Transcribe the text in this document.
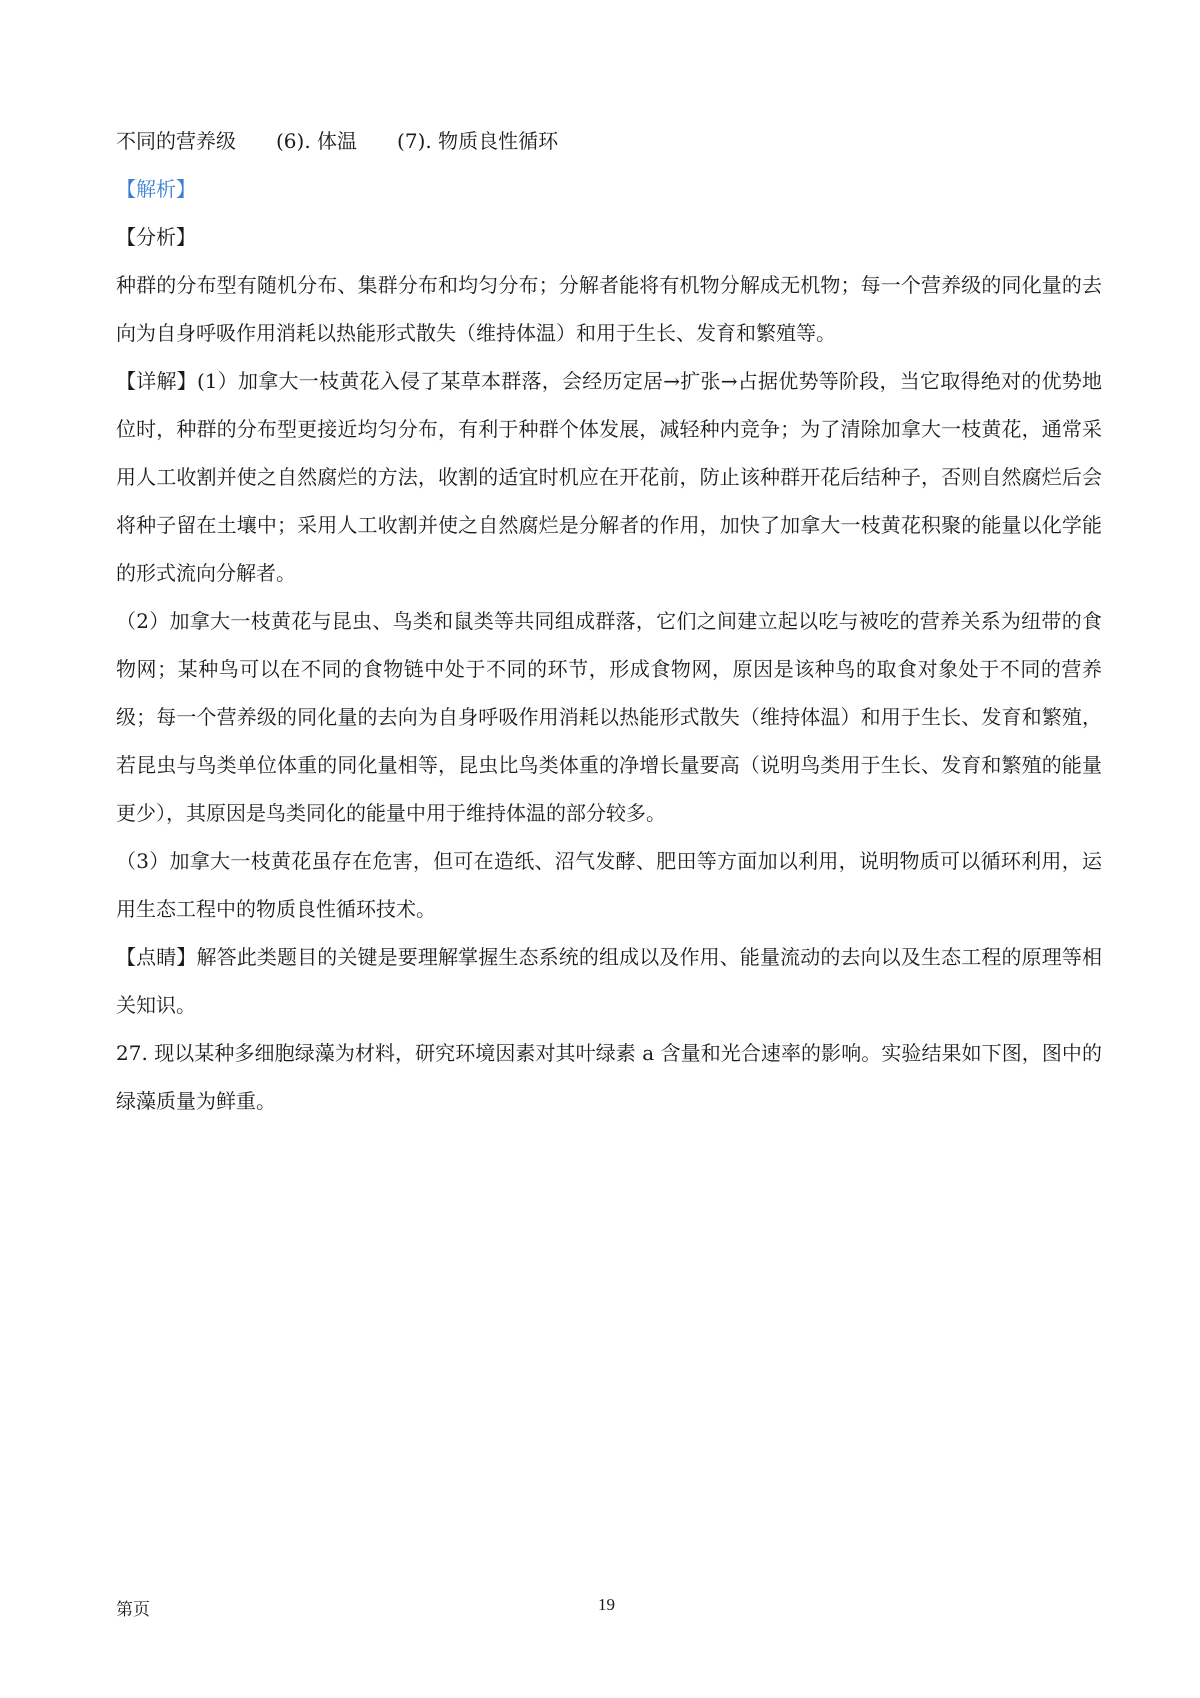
不同的营养级 (6). 体温 (7). 物质良性循环

【解析】

【分析】

种群的分布型有随机分布、集群分布和均匀分布；分解者能将有机物分解成无机物；每一个营养级的同化量的去向为自身呼吸作用消耗以热能形式散失（维持体温）和用于生长、发育和繁殖等。

【详解】(1）加拿大一枝黄花入侵了某草本群落，会经历定居→扩张→占据优势等阶段，当它取得绝对的优势地位时，种群的分布型更接近均匀分布，有利于种群个体发展，减轻种内竞争；为了清除加拿大一枝黄花，通常采用人工收割并使之自然腐烂的方法，收割的适宜时机应在开花前，防止该种群开花后结种子，否则自然腐烂后会将种子留在土壤中；采用人工收割并使之自然腐烂是分解者的作用，加快了加拿大一枝黄花积聚的能量以化学能的形式流向分解者。

（2）加拿大一枝黄花与昆虫、鸟类和鼠类等共同组成群落，它们之间建立起以吃与被吃的营养关系为纽带的食物网；某种鸟可以在不同的食物链中处于不同的环节，形成食物网，原因是该种鸟的取食对象处于不同的营养级；每一个营养级的同化量的去向为自身呼吸作用消耗以热能形式散失（维持体温）和用于生长、发育和繁殖，若昆虫与鸟类单位体重的同化量相等，昆虫比鸟类体重的净增长量要高（说明鸟类用于生长、发育和繁殖的能量更少），其原因是鸟类同化的能量中用于维持体温的部分较多。

（3）加拿大一枝黄花虽存在危害，但可在造纸、沼气发酵、肥田等方面加以利用，说明物质可以循环利用，运用生态工程中的物质良性循环技术。

【点睛】解答此类题目的关键是要理解掌握生态系统的组成以及作用、能量流动的去向以及生态工程的原理等相关知识。

27. 现以某种多细胞绿藻为材料，研究环境因素对其叶绿素 a 含量和光合速率的影响。实验结果如下图，图中的绿藻质量为鲜重。

第页	19
